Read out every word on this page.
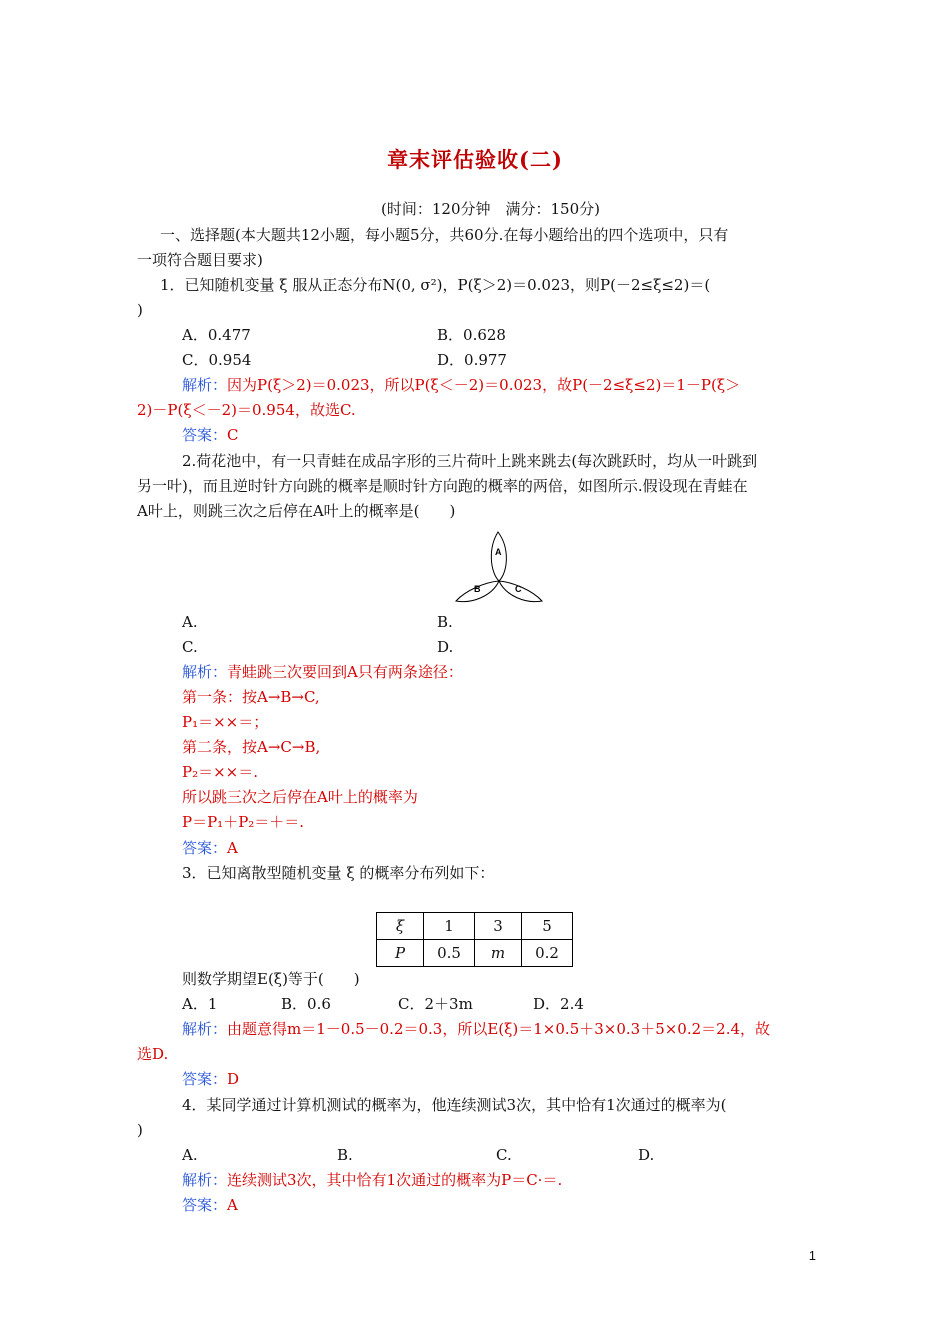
章末评估验收(二)
(时间：120分钟　满分：150分)
一、选择题(本大题共12小题，每小题5分，共60分.在每小题给出的四个选项中，只有
一项符合题目要求)
1．已知随机变量 ξ 服从正态分布N(0, σ²)，P(ξ＞2)＝0.023，则P(－2≤ξ≤2)＝(
)
A．0.477	B．0.628
C．0.954	D．0.977
解析：因为P(ξ＞2)＝0.023，所以P(ξ＜－2)＝0.023，故P(－2≤ξ≤2)＝1－P(ξ＞
2)－P(ξ＜－2)＝0.954，故选C.
答案：C
2.荷花池中，有一只青蛙在成品字形的三片荷叶上跳来跳去(每次跳跃时，均从一叶跳到
另一叶)，而且逆时针方向跳的概率是顺时针方向跑的概率的两倍，如图所示.假设现在青蛙在
A叶上，则跳三次之后停在A叶上的概率是(　　)
A
B	C
A.	B.
C.	D.
解析：青蛙跳三次要回到A只有两条途径：
第一条：按A→B→C,
P₁＝××＝；
第二条，按A→C→B,
P₂＝××＝.
所以跳三次之后停在A叶上的概率为
P＝P₁＋P₂＝＋＝.
答案：A
3．已知离散型随机变量 ξ 的概率分布列如下：
ξ	1	3	5
P	0.5	m	0.2
则数学期望E(ξ)等于(　　)
A．1	B．0.6	C．2＋3m	D．2.4
解析：由题意得m＝1－0.5－0.2＝0.3，所以E(ξ)＝1×0.5＋3×0.3＋5×0.2＝2.4，故
选D.
答案：D
4．某同学通过计算机测试的概率为，他连续测试3次，其中恰有1次通过的概率为(
)
A.	B.	C.	D.
解析：连续测试3次，其中恰有1次通过的概率为P＝C·＝.
答案：A
1
